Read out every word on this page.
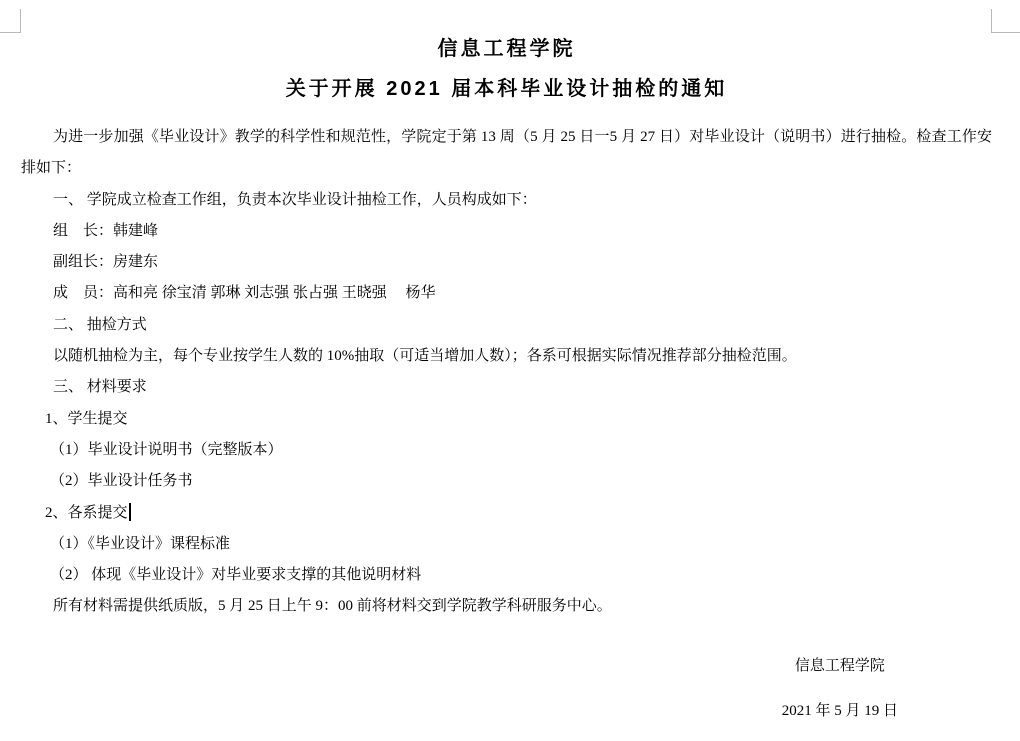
信息工程学院
关于开展 2021 届本科毕业设计抽检的通知

为进一步加强《毕业设计》教学的科学性和规范性，学院定于第 13 周（5 月 25 日一5 月 27 日）对毕业设计（说明书）进行抽检。检查工作安排如下：

一、 学院成立检查工作组，负责本次毕业设计抽检工作，人员构成如下：
组　长：韩建峰
副组长：房建东
成　员：高和亮 徐宝清 郭琳 刘志强 张占强 王晓强　 杨华
二、 抽检方式
以随机抽检为主，每个专业按学生人数的 10%抽取（可适当增加人数）；各系可根据实际情况推荐部分抽检范围。
三、 材料要求
1、学生提交
（1）毕业设计说明书（完整版本）
（2）毕业设计任务书
2、各系提交
（1）《毕业设计》课程标准
（2） 体现《毕业设计》对毕业要求支撑的其他说明材料
所有材料需提供纸质版，5 月 25 日上午 9：00 前将材料交到学院教学科研服务中心。
信息工程学院
2021 年 5 月 19 日
